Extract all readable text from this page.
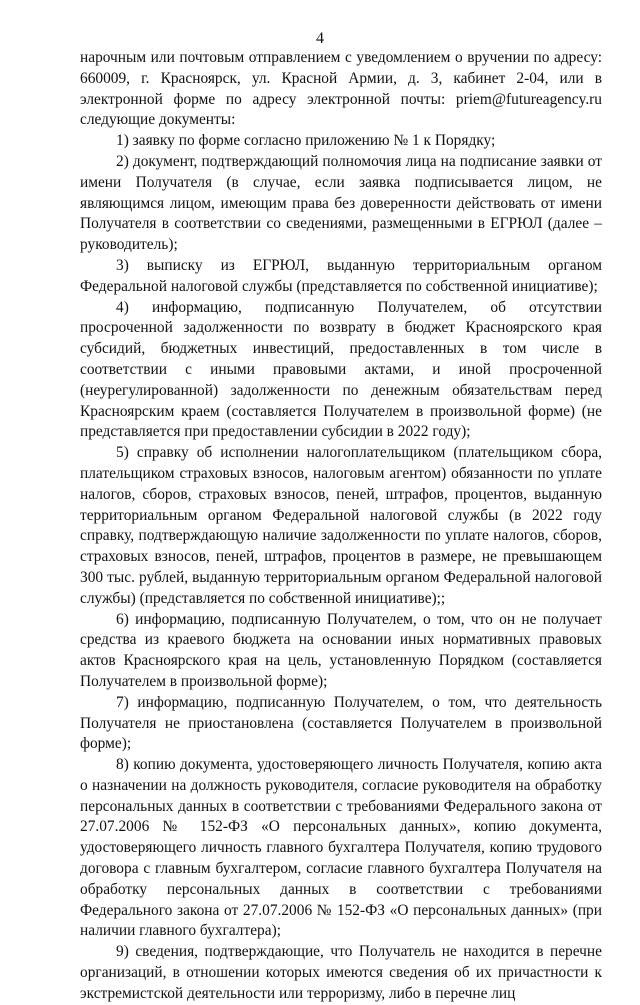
4

нарочным или почтовым отправлением с уведомлением о вручении по адресу: 660009, г. Красноярск, ул. Красной Армии, д. 3, кабинет 2-04, или в электронной форме по адресу электронной почты: priem@futureagency.ru следующие документы:

1) заявку по форме согласно приложению № 1 к Порядку;

2) документ, подтверждающий полномочия лица на подписание заявки от имени Получателя (в случае, если заявка подписывается лицом, не являющимся лицом, имеющим права без доверенности действовать от имени Получателя в соответствии со сведениями, размещенными в ЕГРЮЛ (далее – руководитель);

3) выписку из ЕГРЮЛ, выданную территориальным органом Федеральной налоговой службы (представляется по собственной инициативе);

4) информацию, подписанную Получателем, об отсутствии просроченной задолженности по возврату в бюджет Красноярского края субсидий, бюджетных инвестиций, предоставленных в том числе в соответствии с иными правовыми актами, и иной просроченной (неурегулированной) задолженности по денежным обязательствам перед Красноярским краем (составляется Получателем в произвольной форме) (не представляется при предоставлении субсидии в 2022 году);

5) справку об исполнении налогоплательщиком (плательщиком сбора, плательщиком страховых взносов, налоговым агентом) обязанности по уплате налогов, сборов, страховых взносов, пеней, штрафов, процентов, выданную территориальным органом Федеральной налоговой службы (в 2022 году справку, подтверждающую наличие задолженности по уплате налогов, сборов, страховых взносов, пеней, штрафов, процентов в размере, не превышающем 300 тыс. рублей, выданную территориальным органом Федеральной налоговой службы) (представляется по собственной инициативе);;

6) информацию, подписанную Получателем, о том, что он не получает средства из краевого бюджета на основании иных нормативных правовых актов Красноярского края на цель, установленную Порядком (составляется Получателем в произвольной форме);

7) информацию, подписанную Получателем, о том, что деятельность Получателя не приостановлена (составляется Получателем в произвольной форме);

8) копию документа, удостоверяющего личность Получателя, копию акта о назначении на должность руководителя, согласие руководителя на обработку персональных данных в соответствии с требованиями Федерального закона от 27.07.2006 № 152-ФЗ «О персональных данных», копию документа, удостоверяющего личность главного бухгалтера Получателя, копию трудового договора с главным бухгалтером, согласие главного бухгалтера Получателя на обработку персональных данных в соответствии с требованиями Федерального закона от 27.07.2006 № 152-ФЗ «О персональных данных» (при наличии главного бухгалтера);

9) сведения, подтверждающие, что Получатель не находится в перечне организаций, в отношении которых имеются сведения об их причастности к экстремистской деятельности или терроризму, либо в перечне лиц
